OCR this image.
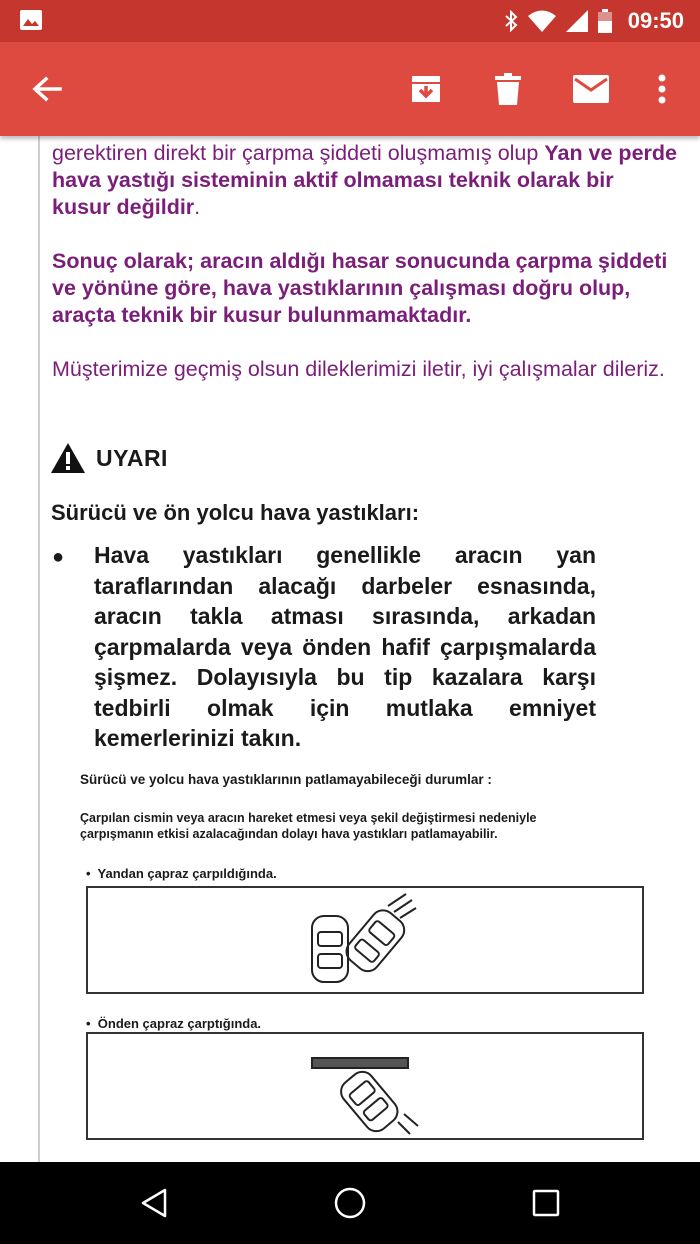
09:50
gerektiren direkt bir çarpma şiddeti oluşmamış olup Yan ve perde hava yastığı sisteminin aktif olmaması teknik olarak bir kusur değildir.
Sonuç olarak; aracın aldığı hasar sonucunda çarpma şiddeti ve yönüne göre, hava yastıklarının çalışması doğru olup, araçta teknik bir kusur bulunmamaktadır.
Müşterimize geçmiş olsun dileklerimizi iletir, iyi çalışmalar dileriz.
UYARI
Sürücü ve ön yolcu hava yastıkları:
● Hava yastıkları genellikle aracın yan taraflarından alacağı darbeler esnasında, aracın takla atması sırasında, arkadan çarpmalarda veya önden hafif çarpışmalarda şişmez. Dolayısıyla bu tip kazalara karşı tedbirli olmak için mutlaka emniyet kemerlerinizi takın.
Sürücü ve yolcu hava yastıklarının patlamayabileceği durumlar :
Çarpılan cismin veya aracın hareket etmesi veya şekil değiştirmesi nedeniyle çarpışmanın etkisi azalacağından dolayı hava yastıkları patlamayabilir.
•  Yandan çapraz çarpıldığında.
•  Önden çapraz çarptığında.
